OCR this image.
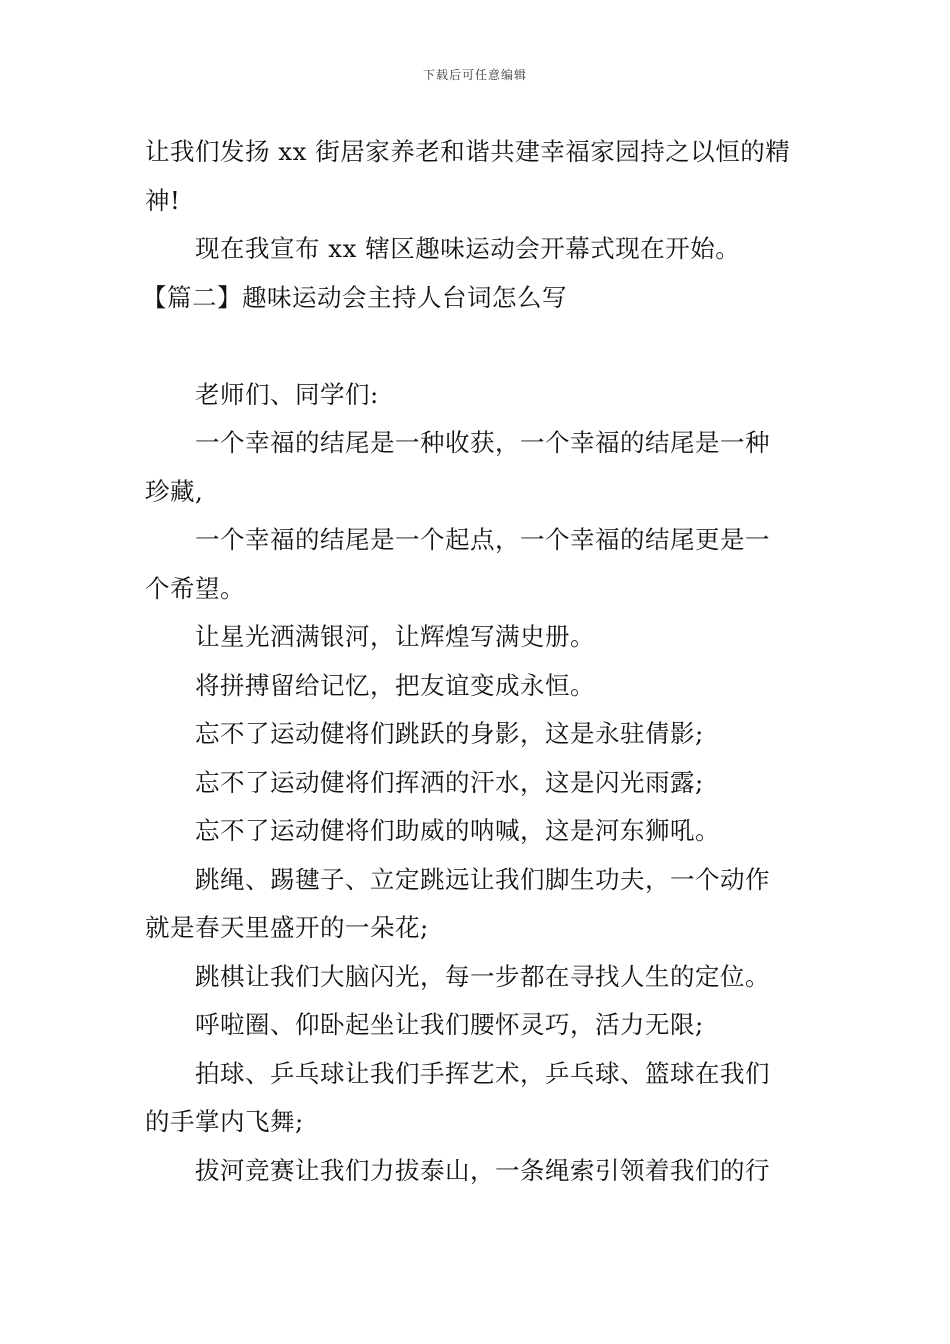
下载后可任意编辑
让我们发扬 xx 街居家养老和谐共建幸福家园持之以恒的精
神!
现在我宣布 xx 辖区趣味运动会开幕式现在开始。
【篇二】趣味运动会主持人台词怎么写
老师们、同学们:
一个幸福的结尾是一种收获，一个幸福的结尾是一种
珍藏,
一个幸福的结尾是一个起点，一个幸福的结尾更是一
个希望。
让星光洒满银河，让辉煌写满史册。
将拼搏留给记忆，把友谊变成永恒。
忘不了运动健将们跳跃的身影，这是永驻倩影;
忘不了运动健将们挥洒的汗水，这是闪光雨露;
忘不了运动健将们助威的呐喊，这是河东狮吼。
跳绳、踢毽子、立定跳远让我们脚生功夫，一个动作
就是春天里盛开的一朵花;
跳棋让我们大脑闪光，每一步都在寻找人生的定位。
呼啦圈、仰卧起坐让我们腰怀灵巧，活力无限;
拍球、乒乓球让我们手挥艺术，乒乓球、篮球在我们
的手掌内飞舞;
拔河竞赛让我们力拔泰山，一条绳索引领着我们的行
